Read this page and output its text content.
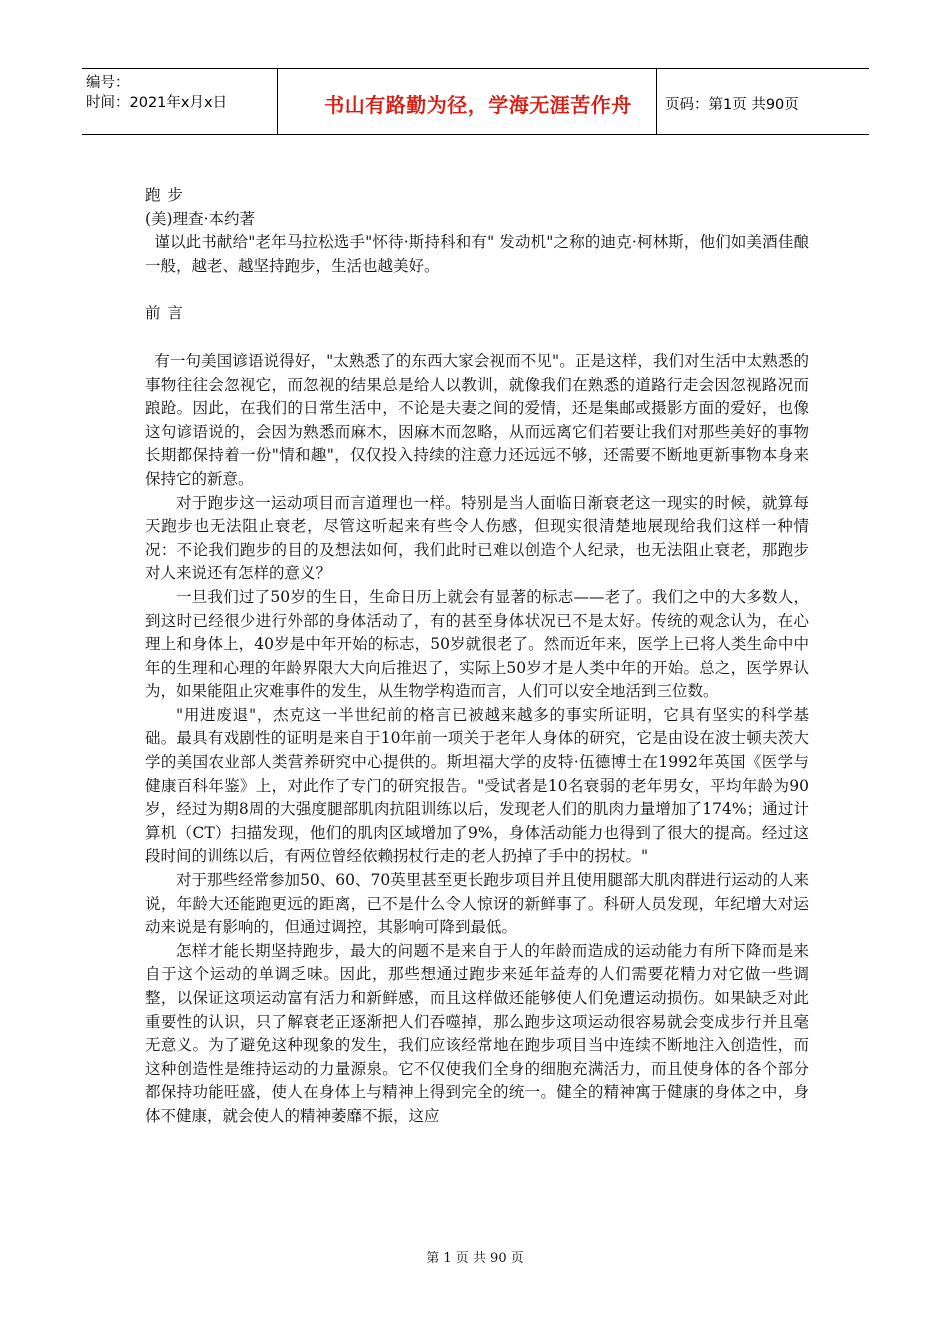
编号：
时间：2021年x月x日	书山有路勤为径，学海无涯苦作舟	页码：第1页 共90页

跑 步

(美)理查·本约著

谨以此书献给"老年马拉松选手"怀待·斯持科和有" 发动机"之称的迪克·柯林斯，他们如美酒佳酿一般，越老、越坚持跑步，生活也越美好。

前 言

有一句美国谚语说得好，"太熟悉了的东西大家会视而不见"。正是这样，我们对生活中太熟悉的事物往往会忽视它，而忽视的结果总是给人以教训，就像我们在熟悉的道路行走会因忽视路况而踉跄。因此，在我们的日常生活中，不论是夫妻之间的爱情，还是集邮或摄影方面的爱好，也像这句谚语说的，会因为熟悉而麻木，因麻木而忽略，从而远离它们若要让我们对那些美好的事物长期都保持着一份"情和趣"，仅仅投入持续的注意力还远远不够，还需要不断地更新事物本身来保持它的新意。

对于跑步这一运动项目而言道理也一样。特别是当人面临日渐衰老这一现实的时候，就算每天跑步也无法阻止衰老，尽管这听起来有些令人伤感，但现实很清楚地展现给我们这样一种情况：不论我们跑步的目的及想法如何，我们此时已难以创造个人纪录，也无法阻止衰老，那跑步对人来说还有怎样的意义？

一旦我们过了50岁的生日，生命日历上就会有显著的标志——老了。我们之中的大多数人，到这时已经很少进行外部的身体活动了，有的甚至身体状况已不是太好。传统的观念认为，在心理上和身体上，40岁是中年开始的标志，50岁就很老了。然而近年来，医学上已将人类生命中中年的生理和心理的年龄界限大大向后推迟了，实际上50岁才是人类中年的开始。总之，医学界认为，如果能阻止灾难事件的发生，从生物学构造而言，人们可以安全地活到三位数。

"用进废退"，杰克这一半世纪前的格言已被越来越多的事实所证明，它具有坚实的科学基础。最具有戏剧性的证明是来自于10年前一项关于老年人身体的研究，它是由设在波士顿夫茨大学的美国农业部人类营养研究中心提供的。斯坦福大学的皮特·伍德博士在1992年英国《医学与健康百科年鉴》上，对此作了专门的研究报告。"受试者是10名衰弱的老年男女，平均年龄为90岁，经过为期8周的大强度腿部肌肉抗阻训练以后，发现老人们的肌肉力量增加了174%；通过计算机（CT）扫描发现，他们的肌肉区域增加了9%，身体活动能力也得到了很大的提高。经过这段时间的训练以后，有两位曾经依赖拐杖行走的老人扔掉了手中的拐杖。"

对于那些经常参加50、60、70英里甚至更长跑步项目并且使用腿部大肌肉群进行运动的人来说，年龄大还能跑更远的距离，已不是什么令人惊讶的新鲜事了。科研人员发现，年纪增大对运动来说是有影响的，但通过调控，其影响可降到最低。

怎样才能长期坚持跑步，最大的问题不是来自于人的年龄而造成的运动能力有所下降而是来自于这个运动的单调乏味。因此，那些想通过跑步来延年益寿的人们需要花精力对它做一些调整，以保证这项运动富有活力和新鲜感，而且这样做还能够使人们免遭运动损伤。如果缺乏对此重要性的认识，只了解衰老正逐渐把人们吞噬掉，那么跑步这项运动很容易就会变成步行并且毫无意义。为了避免这种现象的发生，我们应该经常地在跑步项目当中连续不断地注入创造性，而这种创造性是维持运动的力量源泉。它不仅使我们全身的细胞充满活力，而且使身体的各个部分都保持功能旺盛，使人在身体上与精神上得到完全的统一。健全的精神寓于健康的身体之中，身体不健康，就会使人的精神萎靡不振，这应

第 1 页 共 90 页
